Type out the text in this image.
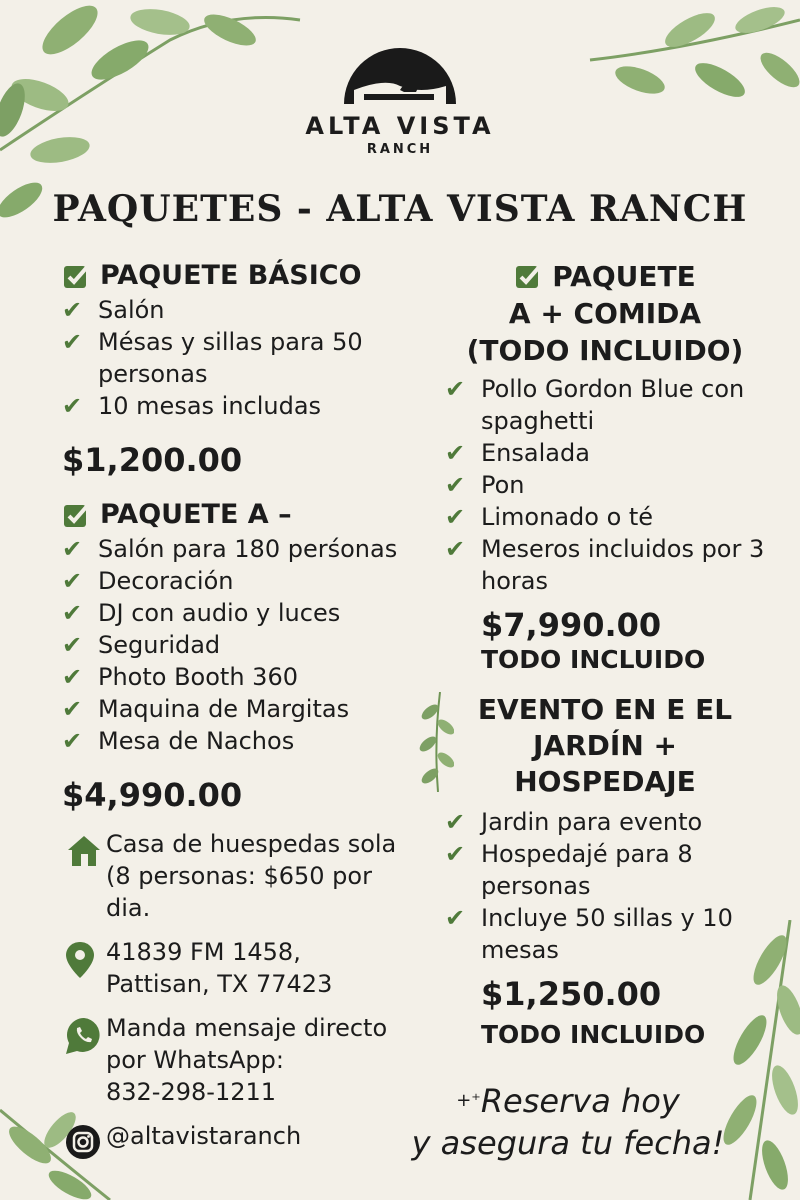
ALTA VISTA
RANCH
PAQUETES - ALTA VISTA RANCH
PAQUETE BÁSICO
✔ Salón
✔ Mésas y sillas para 50 personas
✔ 10 mesas includas
$1,200.00
PAQUETE A –
✔ Salón para 180 perśonas
✔ Decoración
✔ DJ con audio y luces
✔ Seguridad
✔ Photo Booth 360
✔ Maquina de Margitas
✔ Mesa de Nachos
$4,990.00
Casa de huespedas sola (8 personas: $650 por dia.
41839 FM 1458,
Pattisan, TX 77423
Manda mensaje directo
por WhatsApp:
832-298-1211
@altavistaranch
PAQUETE
A + COMIDA
(TODO INCLUIDO)
✔ Pollo Gordon Blue con spaghetti
✔ Ensalada
✔ Pon
✔ Limonado o té
✔ Meseros incluidos por 3 horas
$7,990.00
TODO INCLUIDO
EVENTO EN E EL
JARDÍN +
HOSPEDAJE
✔ Jardin para evento
✔ Hospedajé para 8 personas
✔ Incluye 50 sillas y 10 mesas
$1,250.00
TODO INCLUIDO
+⁺Reserva hoy
y asegura tu fecha!
